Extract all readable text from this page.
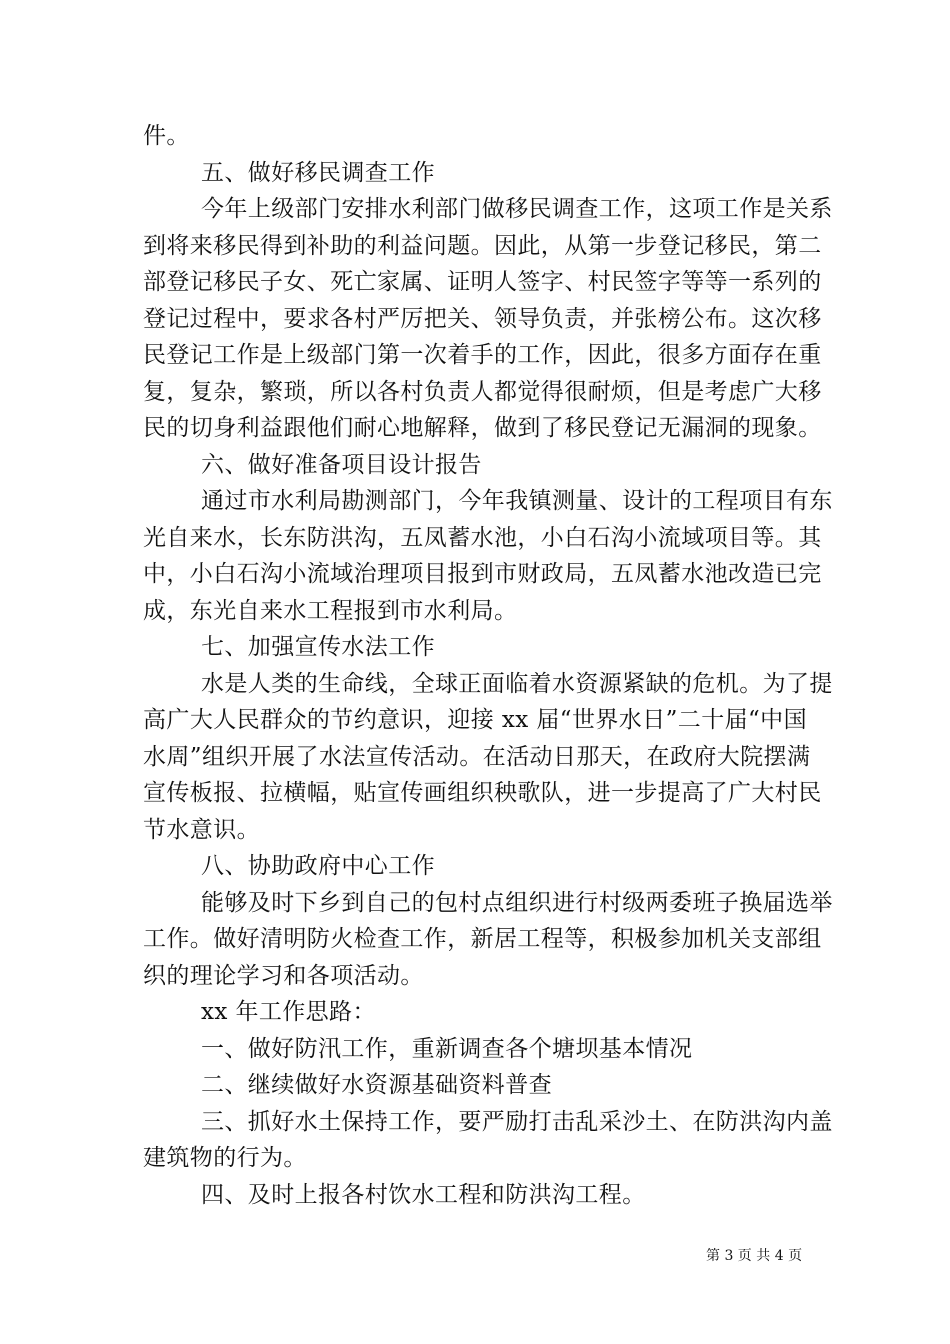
件。
五、做好移民调查工作
今年上级部门安排水利部门做移民调查工作，这项工作是关系
到将来移民得到补助的利益问题。因此，从第一步登记移民，第二
部登记移民子女、死亡家属、证明人签字、村民签字等等一系列的
登记过程中，要求各村严厉把关、领导负责，并张榜公布。这次移
民登记工作是上级部门第一次着手的工作，因此，很多方面存在重
复，复杂，繁琐，所以各村负责人都觉得很耐烦，但是考虑广大移
民的切身利益跟他们耐心地解释，做到了移民登记无漏洞的现象。
六、做好准备项目设计报告
通过市水利局勘测部门，今年我镇测量、设计的工程项目有东
光自来水，长东防洪沟，五凤蓄水池，小白石沟小流域项目等。其
中，小白石沟小流域治理项目报到市财政局，五凤蓄水池改造已完
成，东光自来水工程报到市水利局。
七、加强宣传水法工作
水是人类的生命线，全球正面临着水资源紧缺的危机。为了提
高广大人民群众的节约意识，迎接 xx 届“世界水日”二十届“中国
水周”组织开展了水法宣传活动。在活动日那天，在政府大院摆满
宣传板报、拉横幅，贴宣传画组织秧歌队，进一步提高了广大村民
节水意识。
八、协助政府中心工作
能够及时下乡到自己的包村点组织进行村级两委班子换届选举
工作。做好清明防火检查工作，新居工程等，积极参加机关支部组
织的理论学习和各项活动。
xx 年工作思路：
一、做好防汛工作，重新调查各个塘坝基本情况
二、继续做好水资源基础资料普查
三、抓好水土保持工作，要严励打击乱采沙土、在防洪沟内盖
建筑物的行为。
四、及时上报各村饮水工程和防洪沟工程。
第 3 页 共 4 页
